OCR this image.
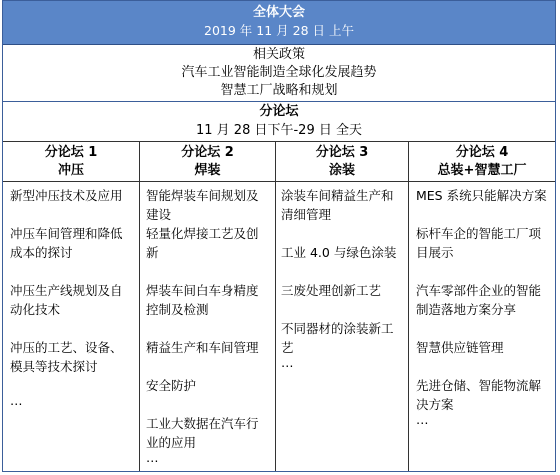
全体大会
2019 年 11 月 28 日 上午
相关政策
汽车工业智能制造全球化发展趋势
智慧工厂战略和规划
分论坛
11 月 28 日下午-29 日 全天
分论坛 1
冲压
新型冲压技术及应用
冲压车间管理和降低成本的探讨
冲压生产线规划及自动化技术
冲压的工艺、设备、模具等技术探讨
…
分论坛 2
焊装
智能焊装车间规划及建设
轻量化焊接工艺及创新
焊装车间白车身精度控制及检测
精益生产和车间管理
安全防护
工业大数据在汽车行业的应用
…
分论坛 3
涂装
涂装车间精益生产和清细管理
工业 4.0 与绿色涂装
三废处理创新工艺
不同器材的涂装新工艺
…
分论坛 4
总装+智慧工厂
MES 系统只能解决方案
标杆车企的智能工厂项目展示
汽车零部件企业的智能制造落地方案分享
智慧供应链管理
先进仓储、智能物流解决方案
…
